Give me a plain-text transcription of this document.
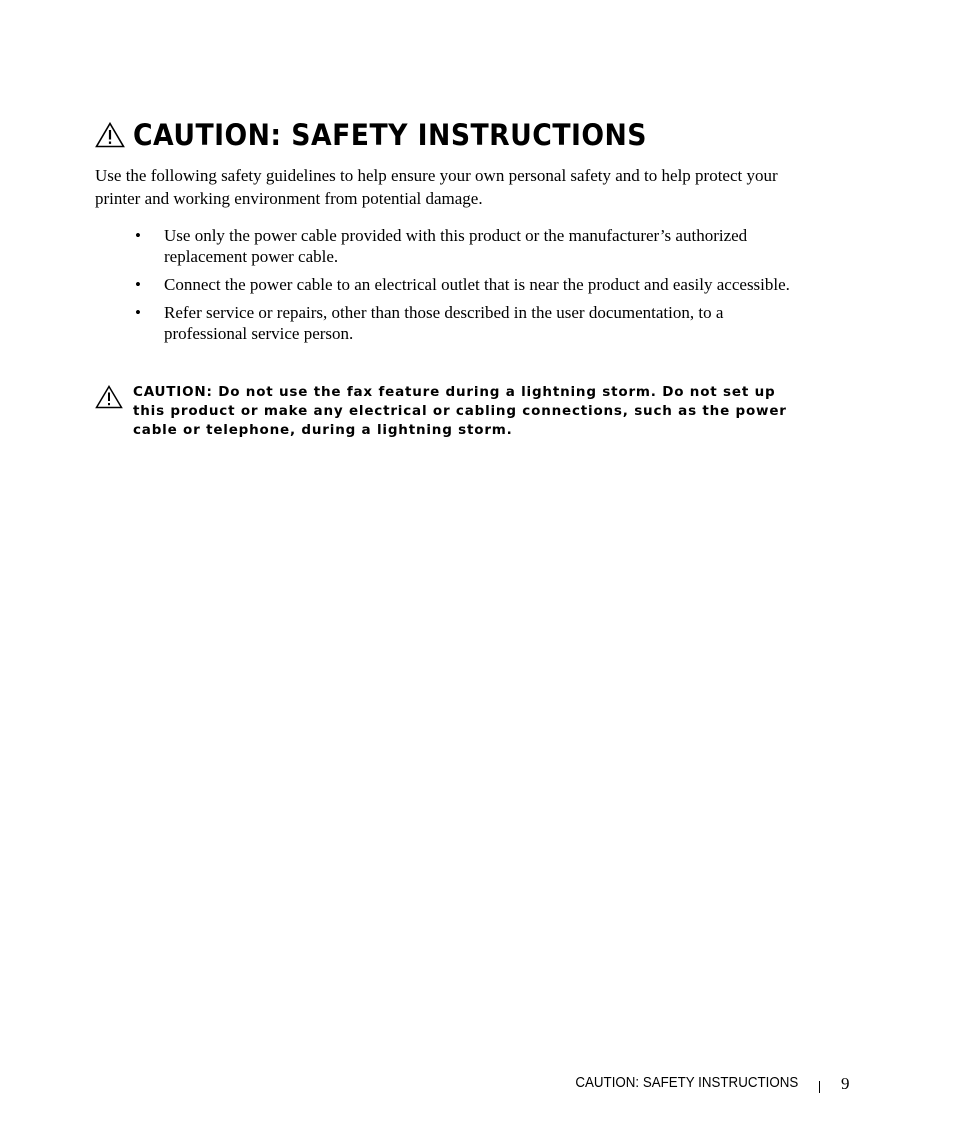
CAUTION: SAFETY INSTRUCTIONS

Use the following safety guidelines to help ensure your own personal safety and to help protect your printer and working environment from potential damage.

• Use only the power cable provided with this product or the manufacturer’s authorized replacement power cable.
• Connect the power cable to an electrical outlet that is near the product and easily accessible.
• Refer service or repairs, other than those described in the user documentation, to a professional service person.
CAUTION: Do not use the fax feature during a lightning storm. Do not set up this product or make any electrical or cabling connections, such as the power cable or telephone, during a lightning storm.
CAUTION: SAFETY INSTRUCTIONS	9
